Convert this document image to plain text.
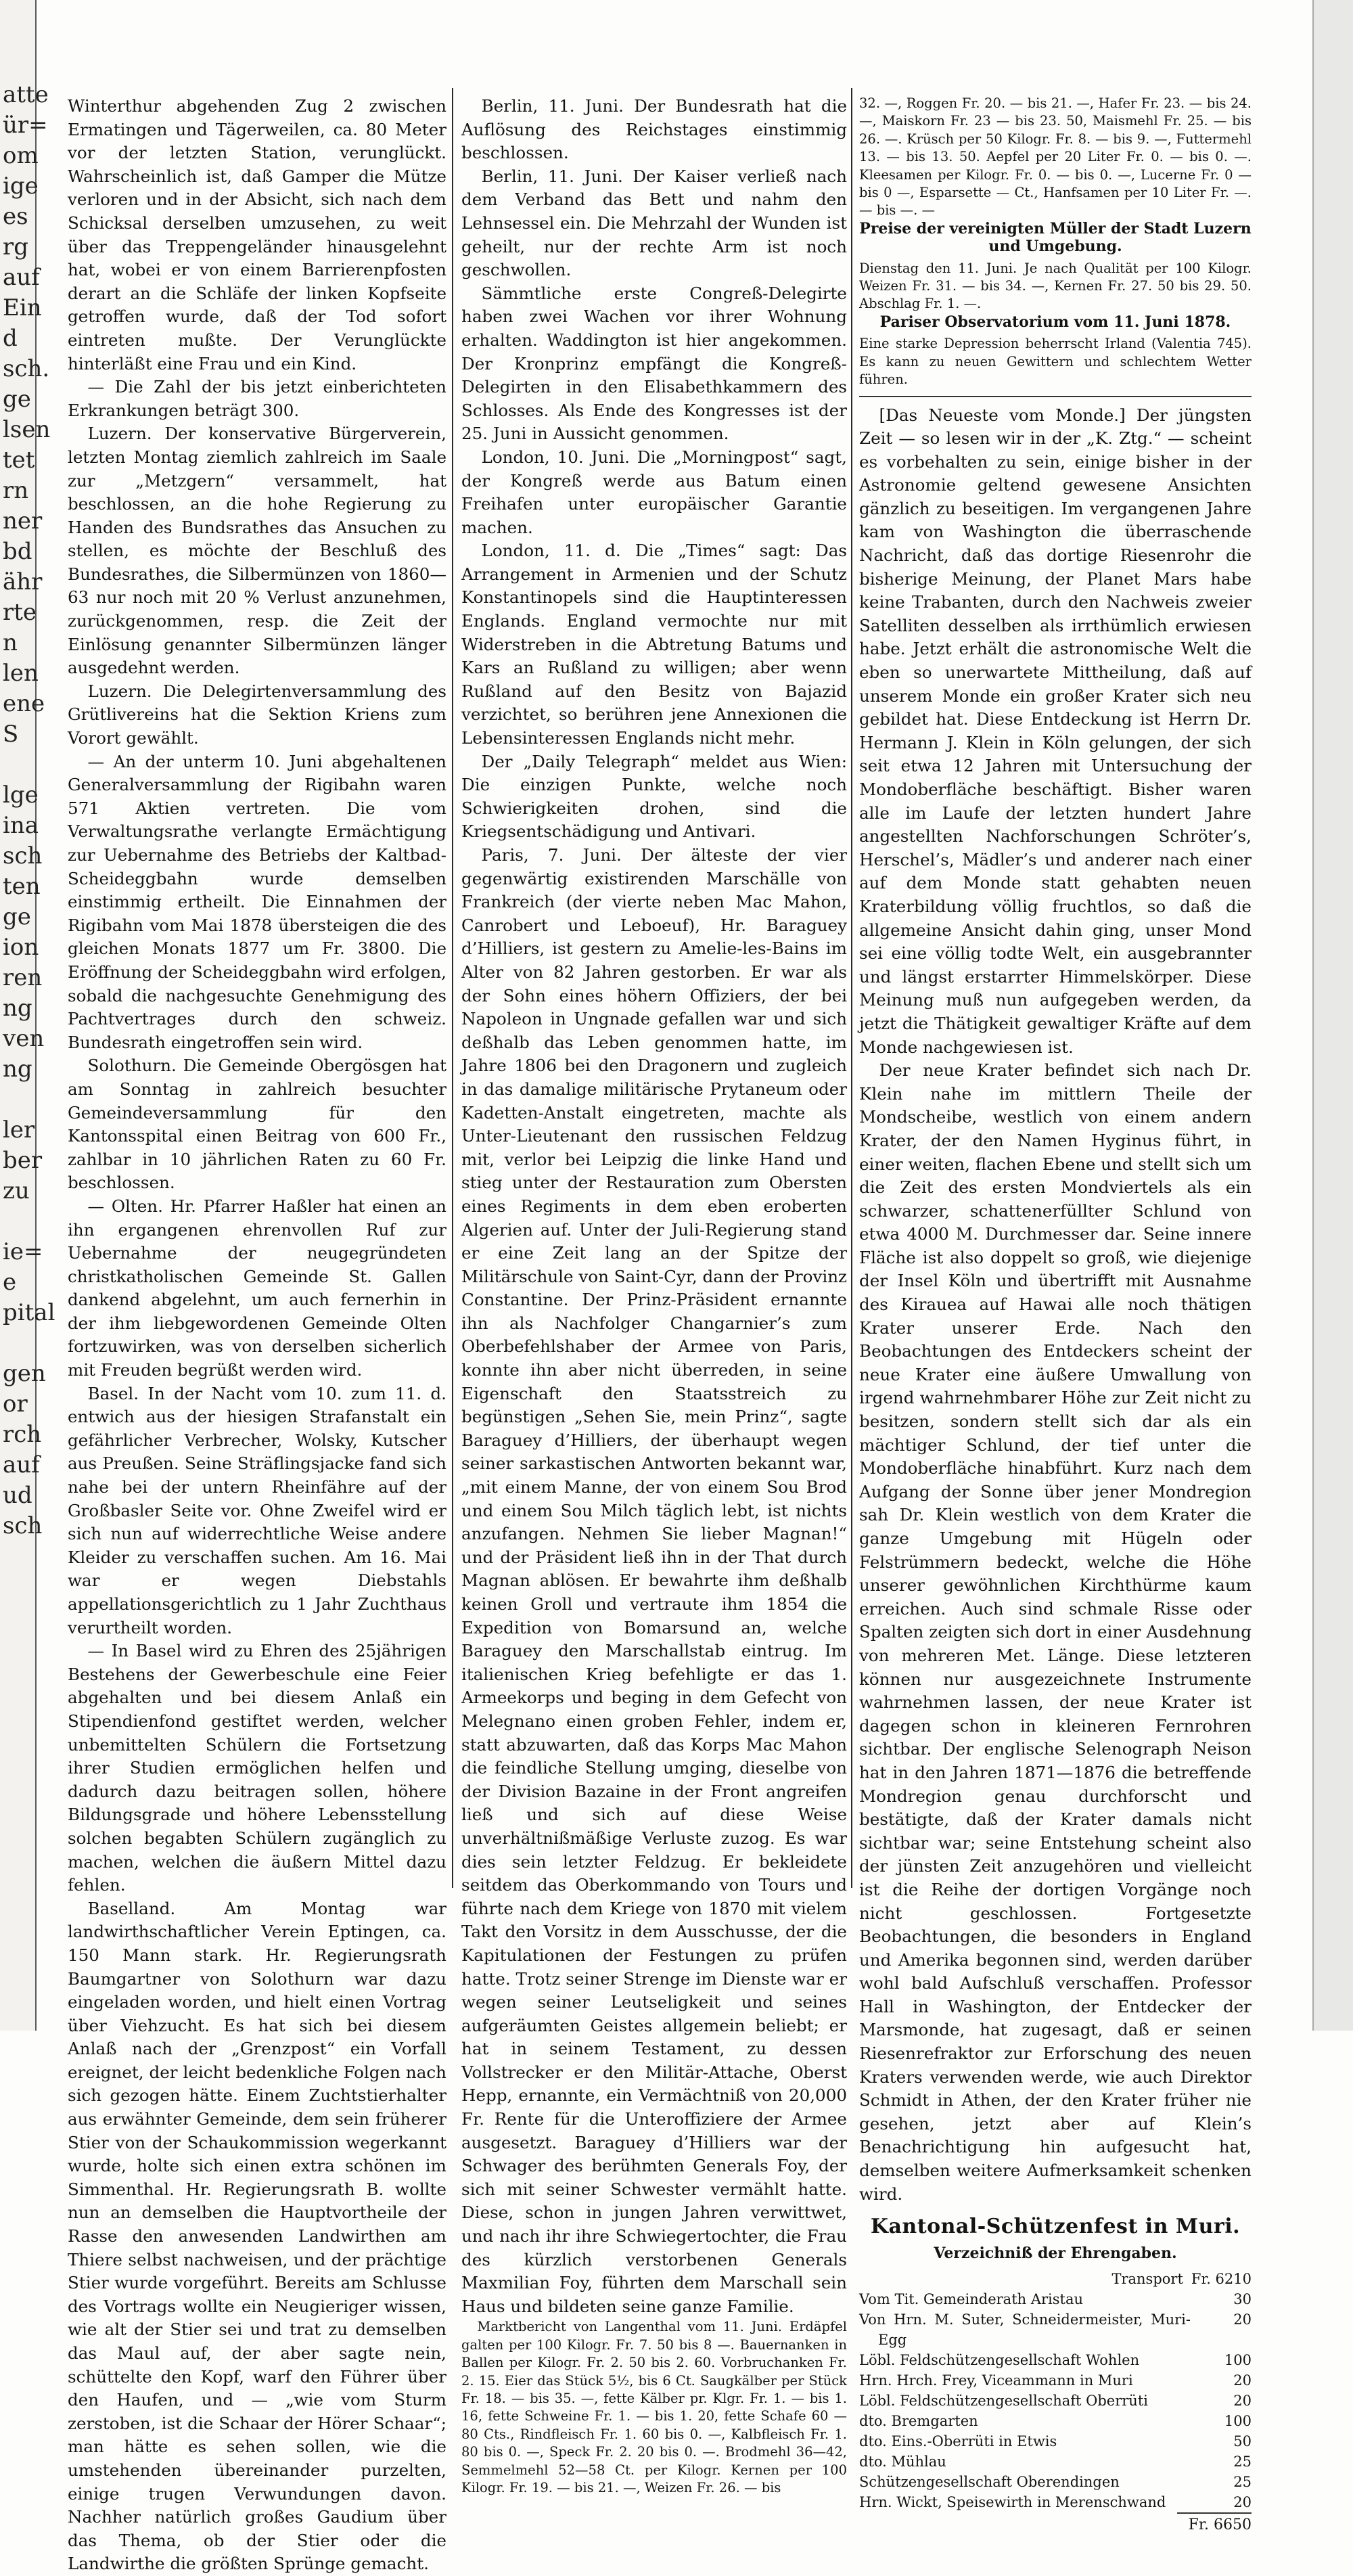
atte
ür=
om
ige
es
rg
auf
Ein
d
sch.
ge
lsen
tet
rn
ner
bd
ähr
rte
n
len
ene
S
lge
ina
sch
ten
ge
ion
ren
ng
ven
ng
ler
ber
zu
ie=
e
pital
gen
or
rch
auf
ud
sch

Winterthur abgehenden Zug 2 zwischen Ermatingen und Tägerweilen, ca. 80 Meter vor der letzten Station, verunglückt. Wahrscheinlich ist, daß Gamper die Mütze verloren und in der Absicht, sich nach dem Schicksal derselben umzusehen, zu weit über das Treppengeländer hinausgelehnt hat, wobei er von einem Barrierenpfosten derart an die Schläfe der linken Kopfseite getroffen wurde, daß der Tod sofort eintreten mußte. Der Verunglückte hinterläßt eine Frau und ein Kind.

— Die Zahl der bis jetzt einberichteten Erkrankungen beträgt 300.

Luzern. Der konservative Bürgerverein, letzten Montag ziemlich zahlreich im Saale zur „Metzgern“ versammelt, hat beschlossen, an die hohe Regierung zu Handen des Bundsrathes das Ansuchen zu stellen, es möchte der Beschluß des Bundesrathes, die Silbermünzen von 1860—63 nur noch mit 20 % Verlust anzunehmen, zurückgenommen, resp. die Zeit der Einlösung genannter Silbermünzen länger ausgedehnt werden.

Luzern. Die Delegirtenversammlung des Grütlivereins hat die Sektion Kriens zum Vorort gewählt.

— An der unterm 10. Juni abgehaltenen Generalversammlung der Rigibahn waren 571 Aktien vertreten. Die vom Verwaltungsrathe verlangte Ermächtigung zur Uebernahme des Betriebs der Kaltbad-Scheideggbahn wurde demselben einstimmig ertheilt. Die Einnahmen der Rigibahn vom Mai 1878 übersteigen die des gleichen Monats 1877 um Fr. 3800. Die Eröffnung der Scheideggbahn wird erfolgen, sobald die nachgesuchte Genehmigung des Pachtvertrages durch den schweiz. Bundesrath eingetroffen sein wird.

Solothurn. Die Gemeinde Obergösgen hat am Sonntag in zahlreich besuchter Gemeindeversammlung für den Kantonsspital einen Beitrag von 600 Fr., zahlbar in 10 jährlichen Raten zu 60 Fr. beschlossen.

— Olten. Hr. Pfarrer Haßler hat einen an ihn ergangenen ehrenvollen Ruf zur Uebernahme der neugegründeten christkatholischen Gemeinde St. Gallen dankend abgelehnt, um auch fernerhin in der ihm liebgewordenen Gemeinde Olten fortzuwirken, was von derselben sicherlich mit Freuden begrüßt werden wird.

Basel. In der Nacht vom 10. zum 11. d. entwich aus der hiesigen Strafanstalt ein gefährlicher Verbrecher, Wolsky, Kutscher aus Preußen. Seine Sträflingsjacke fand sich nahe bei der untern Rheinfähre auf der Großbasler Seite vor. Ohne Zweifel wird er sich nun auf widerrechtliche Weise andere Kleider zu verschaffen suchen. Am 16. Mai war er wegen Diebstahls appellationsgerichtlich zu 1 Jahr Zuchthaus verurtheilt worden.

— In Basel wird zu Ehren des 25jährigen Bestehens der Gewerbeschule eine Feier abgehalten und bei diesem Anlaß ein Stipendienfond gestiftet werden, welcher unbemittelten Schülern die Fortsetzung ihrer Studien ermöglichen helfen und dadurch dazu beitragen sollen, höhere Bildungsgrade und höhere Lebensstellung solchen begabten Schülern zugänglich zu machen, welchen die äußern Mittel dazu fehlen.

Baselland. Am Montag war landwirthschaftlicher Verein Eptingen, ca. 150 Mann stark. Hr. Regierungsrath Baumgartner von Solothurn war dazu eingeladen worden, und hielt einen Vortrag über Viehzucht. Es hat sich bei diesem Anlaß nach der „Grenzpost“ ein Vorfall ereignet, der leicht bedenkliche Folgen nach sich gezogen hätte. Einem Zuchtstierhalter aus erwähnter Gemeinde, dem sein früherer Stier von der Schaukommission wegerkannt wurde, holte sich einen extra schönen im Simmenthal. Hr. Regierungsrath B. wollte nun an demselben die Hauptvortheile der Rasse den anwesenden Landwirthen am Thiere selbst nachweisen, und der prächtige Stier wurde vorgeführt. Bereits am Schlusse des Vortrags wollte ein Neugieriger wissen, wie alt der Stier sei und trat zu demselben das Maul auf, der aber sagte nein, schüttelte den Kopf, warf den Führer über den Haufen, und — „wie vom Sturm zerstoben, ist die Schaar der Hörer Schaar“; man hätte es sehen sollen, wie die umstehenden übereinander purzelten, einige trugen Verwundungen davon. Nachher natürlich großes Gaudium über das Thema, ob der Stier oder die Landwirthe die größten Sprünge gemacht.

Berlin, 11. Juni. Der Bundesrath hat die Auflösung des Reichstages einstimmig beschlossen.

Berlin, 11. Juni. Der Kaiser verließ nach dem Verband das Bett und nahm den Lehnsessel ein. Die Mehrzahl der Wunden ist geheilt, nur der rechte Arm ist noch geschwollen.

Sämmtliche erste Congreß-Delegirte haben zwei Wachen vor ihrer Wohnung erhalten. Waddington ist hier angekommen. Der Kronprinz empfängt die Kongreß-Delegirten in den Elisabethkammern des Schlosses. Als Ende des Kongresses ist der 25. Juni in Aussicht genommen.

London, 10. Juni. Die „Morningpost“ sagt, der Kongreß werde aus Batum einen Freihafen unter europäischer Garantie machen.

London, 11. d. Die „Times“ sagt: Das Arrangement in Armenien und der Schutz Konstantinopels sind die Hauptinteressen Englands. England vermochte nur mit Widerstreben in die Abtretung Batums und Kars an Rußland zu willigen; aber wenn Rußland auf den Besitz von Bajazid verzichtet, so berühren jene Annexionen die Lebensinteressen Englands nicht mehr.

Der „Daily Telegraph“ meldet aus Wien: Die einzigen Punkte, welche noch Schwierigkeiten drohen, sind die Kriegsentschädigung und Antivari.

Paris, 7. Juni. Der älteste der vier gegenwärtig existirenden Marschälle von Frankreich (der vierte neben Mac Mahon, Canrobert und Leboeuf), Hr. Baraguey d’Hilliers, ist gestern zu Amelie-les-Bains im Alter von 82 Jahren gestorben. Er war als der Sohn eines höhern Offiziers, der bei Napoleon in Ungnade gefallen war und sich deßhalb das Leben genommen hatte, im Jahre 1806 bei den Dragonern und zugleich in das damalige militärische Prytaneum oder Kadetten-Anstalt eingetreten, machte als Unter-Lieutenant den russischen Feldzug mit, verlor bei Leipzig die linke Hand und stieg unter der Restauration zum Obersten eines Regiments in dem eben eroberten Algerien auf. Unter der Juli-Regierung stand er eine Zeit lang an der Spitze der Militärschule von Saint-Cyr, dann der Provinz Constantine. Der Prinz-Präsident ernannte ihn als Nachfolger Changarnier’s zum Oberbefehlshaber der Armee von Paris, konnte ihn aber nicht überreden, in seine Eigenschaft den Staatsstreich zu begünstigen „Sehen Sie, mein Prinz“, sagte Baraguey d’Hilliers, der überhaupt wegen seiner sarkastischen Antworten bekannt war, „mit einem Manne, der von einem Sou Brod und einem Sou Milch täglich lebt, ist nichts anzufangen. Nehmen Sie lieber Magnan!“ und der Präsident ließ ihn in der That durch Magnan ablösen. Er bewahrte ihm deßhalb keinen Groll und vertraute ihm 1854 die Expedition von Bomarsund an, welche Baraguey den Marschallstab eintrug. Im italienischen Krieg befehligte er das 1. Armeekorps und beging in dem Gefecht von Melegnano einen groben Fehler, indem er, statt abzuwarten, daß das Korps Mac Mahon die feindliche Stellung umging, dieselbe von der Division Bazaine in der Front angreifen ließ und sich auf diese Weise unverhältnißmäßige Verluste zuzog. Es war dies sein letzter Feldzug. Er bekleidete seitdem das Oberkommando von Tours und führte nach dem Kriege von 1870 mit vielem Takt den Vorsitz in dem Ausschusse, der die Kapitulationen der Festungen zu prüfen hatte. Trotz seiner Strenge im Dienste war er wegen seiner Leutseligkeit und seines aufgeräumten Geistes allgemein beliebt; er hat in seinem Testament, zu dessen Vollstrecker er den Militär-Attache, Oberst Hepp, ernannte, ein Vermächtniß von 20,000 Fr. Rente für die Unteroffiziere der Armee ausgesetzt. Baraguey d’Hilliers war der Schwager des berühmten Generals Foy, der sich mit seiner Schwester vermählt hatte. Diese, schon in jungen Jahren verwittwet, und nach ihr ihre Schwiegertochter, die Frau des kürzlich verstorbenen Generals Maxmilian Foy, führten dem Marschall sein Haus und bildeten seine ganze Familie.

Marktbericht von Langenthal vom 11. Juni. Erdäpfel galten per 100 Kilogr. Fr. 7. 50 bis 8 —. Bauernanken in Ballen per Kilogr. Fr. 2. 50 bis 2. 60. Vorbruchanken Fr. 2. 15. Eier das Stück 5½, bis 6 Ct. Saugkälber per Stück Fr. 18. — bis 35. —, fette Kälber pr. Klgr. Fr. 1. — bis 1. 16, fette Schweine Fr. 1. — bis 1. 20, fette Schafe 60 —80 Cts., Rindfleisch Fr. 1. 60 bis 0. —, Kalbfleisch Fr. 1. 80 bis 0. —, Speck Fr. 2. 20 bis 0. —. Brodmehl 36—42, Semmelmehl 52—58 Ct. per Kilogr. Kernen per 100 Kilogr. Fr. 19. — bis 21. —, Weizen Fr. 26. — bis

32. —, Roggen Fr. 20. — bis 21. —, Hafer Fr. 23. — bis 24. —, Maiskorn Fr. 23 — bis 23. 50, Maismehl Fr. 25. — bis 26. —. Krüsch per 50 Kilogr. Fr. 8. — bis 9. —, Futtermehl 13. — bis 13. 50. Aepfel per 20 Liter Fr. 0. — bis 0. —. Kleesamen per Kilogr. Fr. 0. — bis 0. —, Lucerne Fr. 0 — bis 0 —, Esparsette — Ct., Hanfsamen per 10 Liter Fr. —. — bis —. —

Preise der vereinigten Müller der Stadt Luzern und Umgebung.

Dienstag den 11. Juni. Je nach Qualität per 100 Kilogr. Weizen Fr. 31. — bis 34. —, Kernen Fr. 27. 50 bis 29. 50. Abschlag Fr. 1. —.

Pariser Observatorium vom 11. Juni 1878.

Eine starke Depression beherrscht Irland (Valentia 745). Es kann zu neuen Gewittern und schlechtem Wetter führen.

[Das Neueste vom Monde.] Der jüngsten Zeit — so lesen wir in der „K. Ztg.“ — scheint es vorbehalten zu sein, einige bisher in der Astronomie geltend gewesene Ansichten gänzlich zu beseitigen. Im vergangenen Jahre kam von Washington die überraschende Nachricht, daß das dortige Riesenrohr die bisherige Meinung, der Planet Mars habe keine Trabanten, durch den Nachweis zweier Satelliten desselben als irrthümlich erwiesen habe. Jetzt erhält die astronomische Welt die eben so unerwartete Mittheilung, daß auf unserem Monde ein großer Krater sich neu gebildet hat. Diese Entdeckung ist Herrn Dr. Hermann J. Klein in Köln gelungen, der sich seit etwa 12 Jahren mit Untersuchung der Mondoberfläche beschäftigt. Bisher waren alle im Laufe der letzten hundert Jahre angestellten Nachforschungen Schröter’s, Herschel’s, Mädler’s und anderer nach einer auf dem Monde statt gehabten neuen Kraterbildung völlig fruchtlos, so daß die allgemeine Ansicht dahin ging, unser Mond sei eine völlig todte Welt, ein ausgebrannter und längst erstarrter Himmelskörper. Diese Meinung muß nun aufgegeben werden, da jetzt die Thätigkeit gewaltiger Kräfte auf dem Monde nachgewiesen ist.

Der neue Krater befindet sich nach Dr. Klein nahe im mittlern Theile der Mondscheibe, westlich von einem andern Krater, der den Namen Hyginus führt, in einer weiten, flachen Ebene und stellt sich um die Zeit des ersten Mondviertels als ein schwarzer, schattenerfüllter Schlund von etwa 4000 M. Durchmesser dar. Seine innere Fläche ist also doppelt so groß, wie diejenige der Insel Köln und übertrifft mit Ausnahme des Kiraueа auf Hawai alle noch thätigen Krater unserer Erde. Nach den Beobachtungen des Entdeckers scheint der neue Krater eine äußere Umwallung von irgend wahrnehmbarer Höhe zur Zeit nicht zu besitzen, sondern stellt sich dar als ein mächtiger Schlund, der tief unter die Mondoberfläche hinabführt. Kurz nach dem Aufgang der Sonne über jener Mondregion sah Dr. Klein westlich von dem Krater die ganze Umgebung mit Hügeln oder Felstrümmern bedeckt, welche die Höhe unserer gewöhnlichen Kirchthürme kaum erreichen. Auch sind schmale Risse oder Spalten zeigten sich dort in einer Ausdehnung von mehreren Met. Länge. Diese letzteren können nur ausgezeichnete Instrumente wahrnehmen lassen, der neue Krater ist dagegen schon in kleineren Fernrohren sichtbar. Der englische Selenograph Neison hat in den Jahren 1871—1876 die betreffende Mondregion genau durchforscht und bestätigte, daß der Krater damals nicht sichtbar war; seine Entstehung scheint also der jünsten Zeit anzugehören und vielleicht ist die Reihe der dortigen Vorgänge noch nicht geschlossen. Fortgesetzte Beobachtungen, die besonders in England und Amerika begonnen sind, werden darüber wohl bald Aufschluß verschaffen. Professor Hall in Washington, der Entdecker der Marsmonde, hat zugesagt, daß er seinen Riesenrefraktor zur Erforschung des neuen Kraters verwenden werde, wie auch Direktor Schmidt in Athen, der den Krater früher nie gesehen, jetzt aber auf Klein’s Benachrichtigung hin aufgesucht hat, demselben weitere Aufmerksamkeit schenken wird.

Kantonal-Schützenfest in Muri.
Verzeichniß der Ehrengaben.
Transport Fr. 6210
Vom Tit. Gemeinderath Aristau	30
Von Hrn. M. Suter, Schneidermeister, Muri-Egg
20
Löbl. Feldschützengesellschaft Wohlen	100
Hrn. Hrch. Frey, Viceammann in Muri	20
Löbl. Feldschützengesellschaft Oberrüti	20
dto. Bremgarten	100
dto. Eins.-Oberrüti in Etwis	50
dto. Mühlau	25
Schützengesellschaft Oberendingen	25
Hrn. Wickt, Speisewirth in Merenschwand	20
Fr. 6650
